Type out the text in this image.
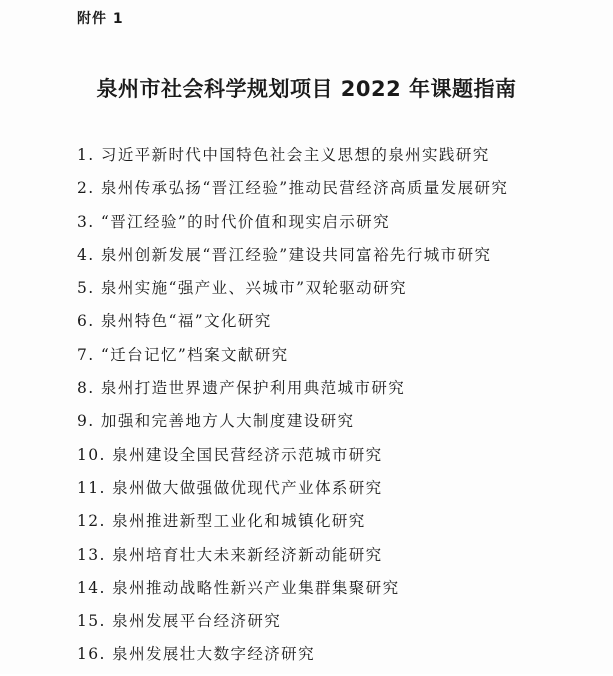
附件 1
泉州市社会科学规划项目 2022 年课题指南
1. 习近平新时代中国特色社会主义思想的泉州实践研究
2. 泉州传承弘扬“晋江经验”推动民营经济高质量发展研究
3. “晋江经验”的时代价值和现实启示研究
4. 泉州创新发展“晋江经验”建设共同富裕先行城市研究
5. 泉州实施“强产业、兴城市”双轮驱动研究
6. 泉州特色“福”文化研究
7. “迁台记忆”档案文献研究
8. 泉州打造世界遗产保护利用典范城市研究
9. 加强和完善地方人大制度建设研究
10. 泉州建设全国民营经济示范城市研究
11. 泉州做大做强做优现代产业体系研究
12. 泉州推进新型工业化和城镇化研究
13. 泉州培育壮大未来新经济新动能研究
14. 泉州推动战略性新兴产业集群集聚研究
15. 泉州发展平台经济研究
16. 泉州发展壮大数字经济研究
